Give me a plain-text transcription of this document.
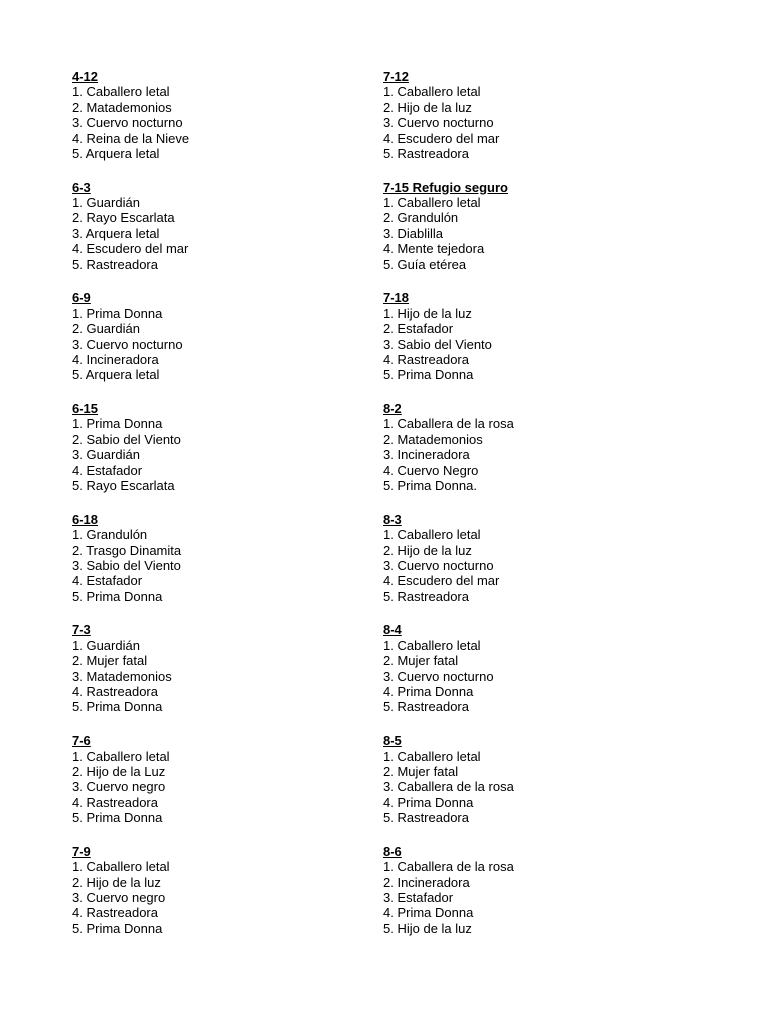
4-12
1. Caballero letal
2. Matademonios
3. Cuervo nocturno
4. Reina de la Nieve
5. Arquera letal
6-3
1. Guardián
2. Rayo Escarlata
3. Arquera letal
4. Escudero del mar
5. Rastreadora
6-9
1. Prima Donna
2. Guardián
3. Cuervo nocturno
4. Incineradora
5. Arquera letal
6-15
1. Prima Donna
2. Sabio del Viento
3. Guardián
4. Estafador
5. Rayo Escarlata
6-18
1. Grandulón
2. Trasgo Dinamita
3. Sabio del Viento
4. Estafador
5. Prima Donna
7-3
1. Guardián
2. Mujer fatal
3. Matademonios
4. Rastreadora
5. Prima Donna
7-6
1. Caballero letal
2. Hijo de la Luz
3. Cuervo negro
4. Rastreadora
5. Prima Donna
7-9
1. Caballero letal
2. Hijo de la luz
3. Cuervo negro
4. Rastreadora
5. Prima Donna
7-12
1. Caballero letal
2. Hijo de la luz
3. Cuervo nocturno
4. Escudero del mar
5. Rastreadora
7-15 Refugio seguro
1. Caballero letal
2. Grandulón
3. Diablilla
4. Mente tejedora
5. Guía etérea
7-18
1. Hijo de la luz
2. Estafador
3. Sabio del Viento
4. Rastreadora
5. Prima Donna
8-2
1. Caballera de la rosa
2. Matademonios
3. Incineradora
4. Cuervo Negro
5. Prima Donna.
8-3
1. Caballero letal
2. Hijo de la luz
3. Cuervo nocturno
4. Escudero del mar
5. Rastreadora
8-4
1. Caballero letal
2. Mujer fatal
3. Cuervo nocturno
4. Prima Donna
5. Rastreadora
8-5
1. Caballero letal
2. Mujer fatal
3. Caballera de la rosa
4. Prima Donna
5. Rastreadora
8-6
1. Caballera de la rosa
2. Incineradora
3. Estafador
4. Prima Donna
5. Hijo de la luz
